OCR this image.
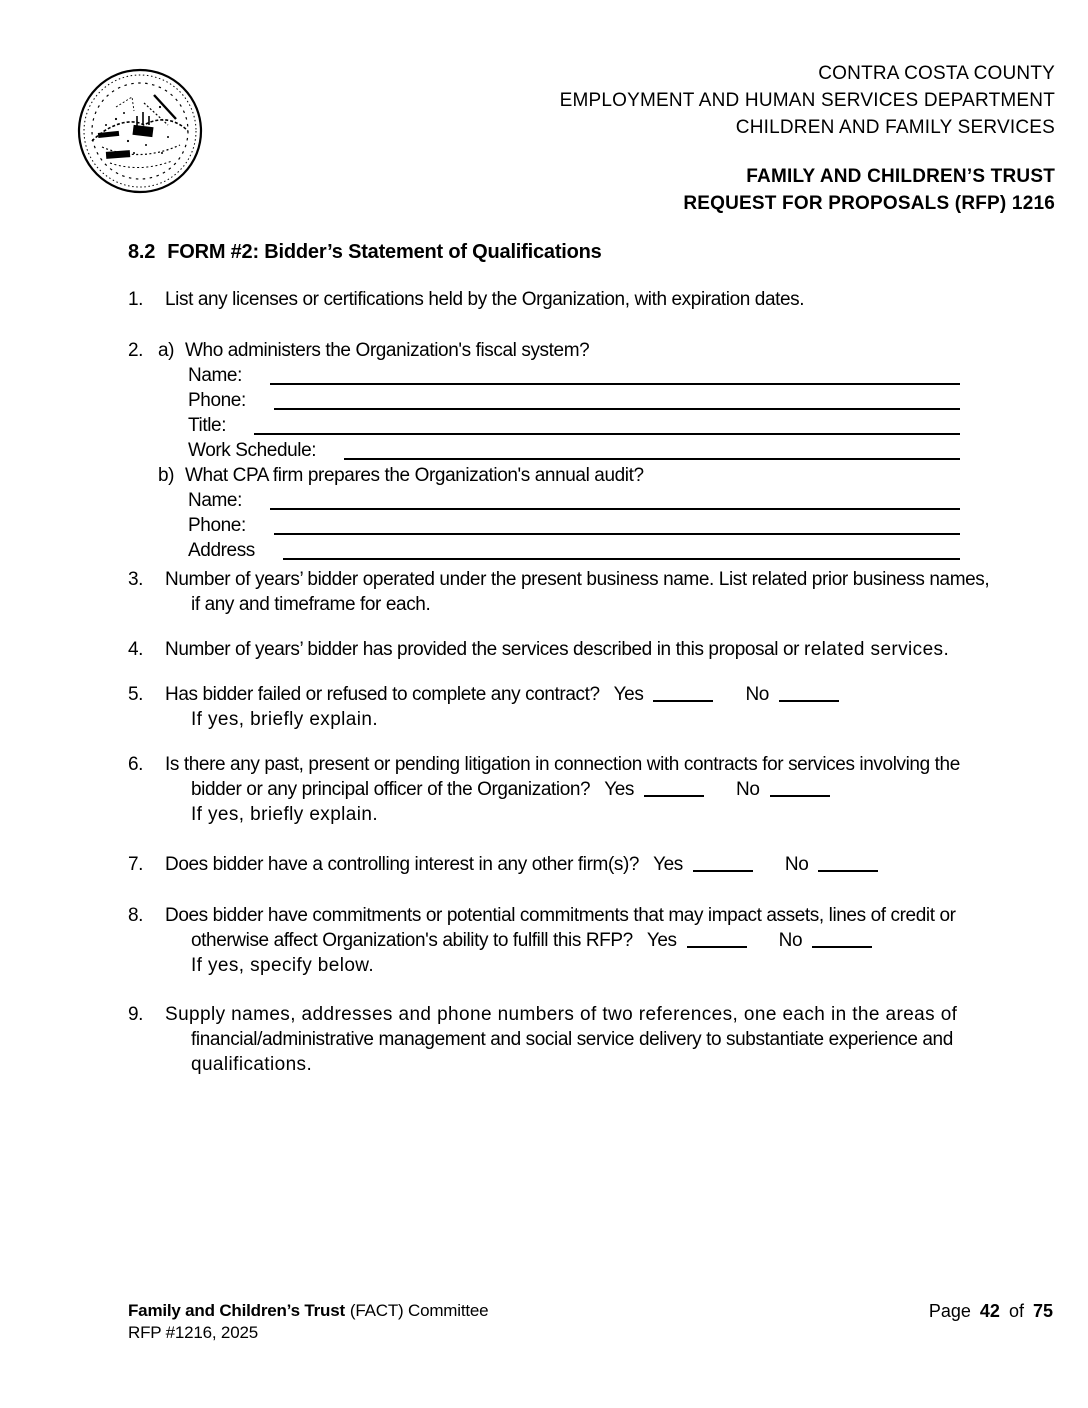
CONTRA COSTA COUNTY
EMPLOYMENT AND HUMAN SERVICES DEPARTMENT
CHILDREN AND FAMILY SERVICES
FAMILY AND CHILDREN’S TRUST
REQUEST FOR PROPOSALS (RFP) 1216
8.2 FORM #2: Bidder’s Statement of Qualifications
1.	List any licenses or certifications held by the Organization, with expiration dates.
2. a) Who administers the Organization's fiscal system?
Name:
Phone:
Title:
Work Schedule:
b) What CPA firm prepares the Organization's annual audit?
Name:
Phone:
Address
3.	Number of years’ bidder operated under the present business name. List related prior business names,
if any and timeframe for each.
4.	Number of years’ bidder has provided the services described in this proposal or related services.
5.	Has bidder failed or refused to complete any contract? Yes	No
If yes, briefly explain.
6.	Is there any past, present or pending litigation in connection with contracts for services involving the
bidder or any principal officer of the Organization? Yes	No
If yes, briefly explain.
7.	Does bidder have a controlling interest in any other firm(s)? Yes	No
8.	Does bidder have commitments or potential commitments that may impact assets, lines of credit or
otherwise affect Organization's ability to fulfill this RFP? Yes	No
If yes, specify below.
9.	Supply names, addresses and phone numbers of two references, one each in the areas of
financial/administrative management and social service delivery to substantiate experience and
qualifications.
Family and Children’s Trust (FACT) Committee
RFP #1216, 2025
Page 42 of 75
